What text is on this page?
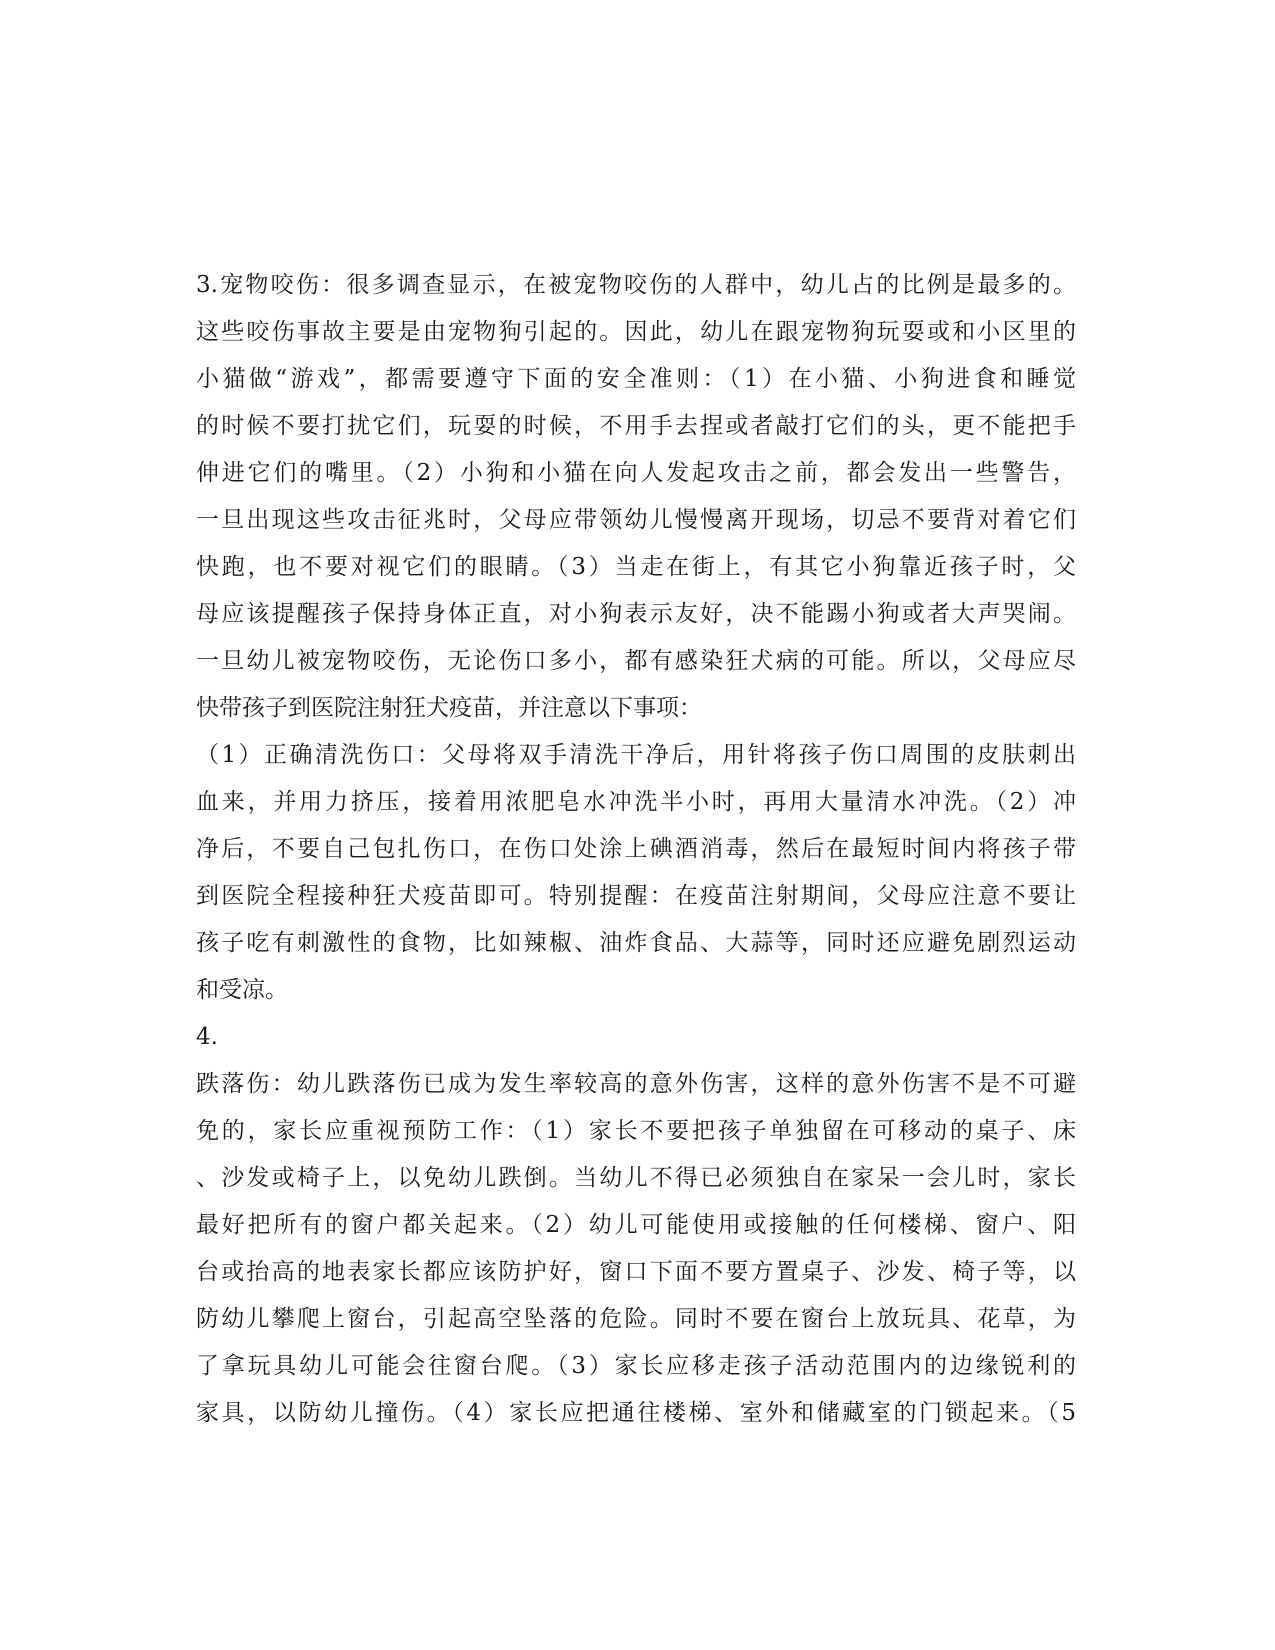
3.宠物咬伤：很多调查显示，在被宠物咬伤的人群中，幼儿占的比例是最多的。
这些咬伤事故主要是由宠物狗引起的。因此，幼儿在跟宠物狗玩耍或和小区里的
小猫做“游戏”，都需要遵守下面的安全准则：（1）在小猫、小狗进食和睡觉
的时候不要打扰它们，玩耍的时候，不用手去捏或者敲打它们的头，更不能把手
伸进它们的嘴里。（2）小狗和小猫在向人发起攻击之前，都会发出一些警告，
一旦出现这些攻击征兆时，父母应带领幼儿慢慢离开现场，切忌不要背对着它们
快跑，也不要对视它们的眼睛。（3）当走在街上，有其它小狗靠近孩子时，父
母应该提醒孩子保持身体正直，对小狗表示友好，决不能踢小狗或者大声哭闹。
一旦幼儿被宠物咬伤，无论伤口多小，都有感染狂犬病的可能。所以，父母应尽
快带孩子到医院注射狂犬疫苗，并注意以下事项：
（1）正确清洗伤口：父母将双手清洗干净后，用针将孩子伤口周围的皮肤刺出
血来，并用力挤压，接着用浓肥皂水冲洗半小时，再用大量清水冲洗。（2）冲
净后，不要自己包扎伤口，在伤口处涂上碘酒消毒，然后在最短时间内将孩子带
到医院全程接种狂犬疫苗即可。特别提醒：在疫苗注射期间，父母应注意不要让
孩子吃有刺激性的食物，比如辣椒、油炸食品、大蒜等，同时还应避免剧烈运动
和受凉。
4.
跌落伤：幼儿跌落伤已成为发生率较高的意外伤害，这样的意外伤害不是不可避
免的，家长应重视预防工作：（1）家长不要把孩子单独留在可移动的桌子、床
、沙发或椅子上，以免幼儿跌倒。当幼儿不得已必须独自在家呆一会儿时，家长
最好把所有的窗户都关起来。（2）幼儿可能使用或接触的任何楼梯、窗户、阳
台或抬高的地表家长都应该防护好，窗口下面不要方置桌子、沙发、椅子等，以
防幼儿攀爬上窗台，引起高空坠落的危险。同时不要在窗台上放玩具、花草，为
了拿玩具幼儿可能会往窗台爬。（3）家长应移走孩子活动范围内的边缘锐利的
家具，以防幼儿撞伤。（4）家长应把通往楼梯、室外和储藏室的门锁起来。（5
